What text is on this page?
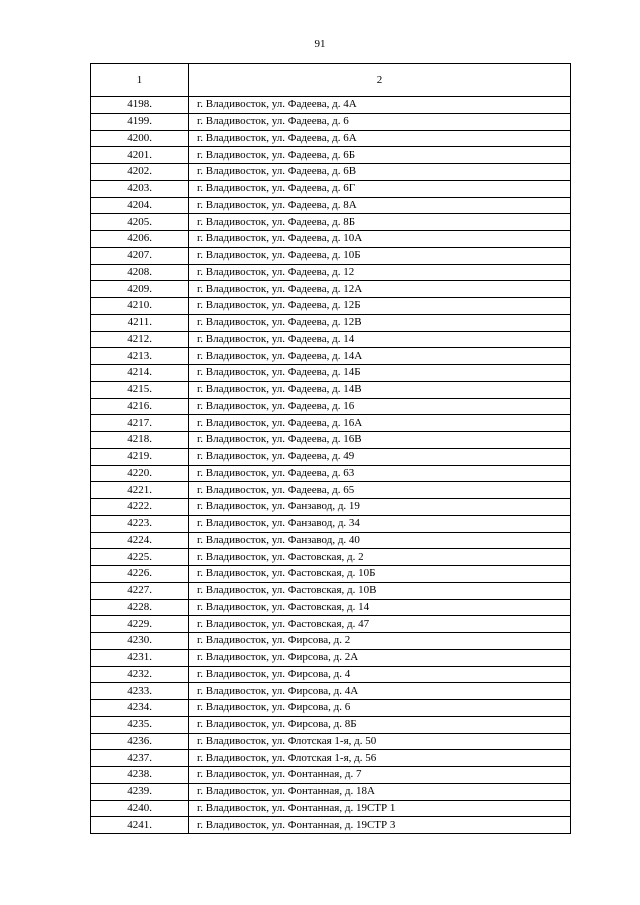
91
1	2
4198.	г. Владивосток, ул. Фадеева, д. 4А
4199.	г. Владивосток, ул. Фадеева, д. 6
4200.	г. Владивосток, ул. Фадеева, д. 6А
4201.	г. Владивосток, ул. Фадеева, д. 6Б
4202.	г. Владивосток, ул. Фадеева, д. 6В
4203.	г. Владивосток, ул. Фадеева, д. 6Г
4204.	г. Владивосток, ул. Фадеева, д. 8А
4205.	г. Владивосток, ул. Фадеева, д. 8Б
4206.	г. Владивосток, ул. Фадеева, д. 10А
4207.	г. Владивосток, ул. Фадеева, д. 10Б
4208.	г. Владивосток, ул. Фадеева, д. 12
4209.	г. Владивосток, ул. Фадеева, д. 12А
4210.	г. Владивосток, ул. Фадеева, д. 12Б
4211.	г. Владивосток, ул. Фадеева, д. 12В
4212.	г. Владивосток, ул. Фадеева, д. 14
4213.	г. Владивосток, ул. Фадеева, д. 14А
4214.	г. Владивосток, ул. Фадеева, д. 14Б
4215.	г. Владивосток, ул. Фадеева, д. 14В
4216.	г. Владивосток, ул. Фадеева, д. 16
4217.	г. Владивосток, ул. Фадеева, д. 16А
4218.	г. Владивосток, ул. Фадеева, д. 16В
4219.	г. Владивосток, ул. Фадеева, д. 49
4220.	г. Владивосток, ул. Фадеева, д. 63
4221.	г. Владивосток, ул. Фадеева, д. 65
4222.	г. Владивосток, ул. Фанзавод, д. 19
4223.	г. Владивосток, ул. Фанзавод, д. 34
4224.	г. Владивосток, ул. Фанзавод, д. 40
4225.	г. Владивосток, ул. Фастовская, д. 2
4226.	г. Владивосток, ул. Фастовская, д. 10Б
4227.	г. Владивосток, ул. Фастовская, д. 10В
4228.	г. Владивосток, ул. Фастовская, д. 14
4229.	г. Владивосток, ул. Фастовская, д. 47
4230.	г. Владивосток, ул. Фирсова, д. 2
4231.	г. Владивосток, ул. Фирсова, д. 2А
4232.	г. Владивосток, ул. Фирсова, д. 4
4233.	г. Владивосток, ул. Фирсова, д. 4А
4234.	г. Владивосток, ул. Фирсова, д. 6
4235.	г. Владивосток, ул. Фирсова, д. 8Б
4236.	г. Владивосток, ул. Флотская 1-я, д. 50
4237.	г. Владивосток, ул. Флотская 1-я, д. 56
4238.	г. Владивосток, ул. Фонтанная, д. 7
4239.	г. Владивосток, ул. Фонтанная, д. 18А
4240.	г. Владивосток, ул. Фонтанная, д. 19СТР 1
4241.	г. Владивосток, ул. Фонтанная, д. 19СТР 3
